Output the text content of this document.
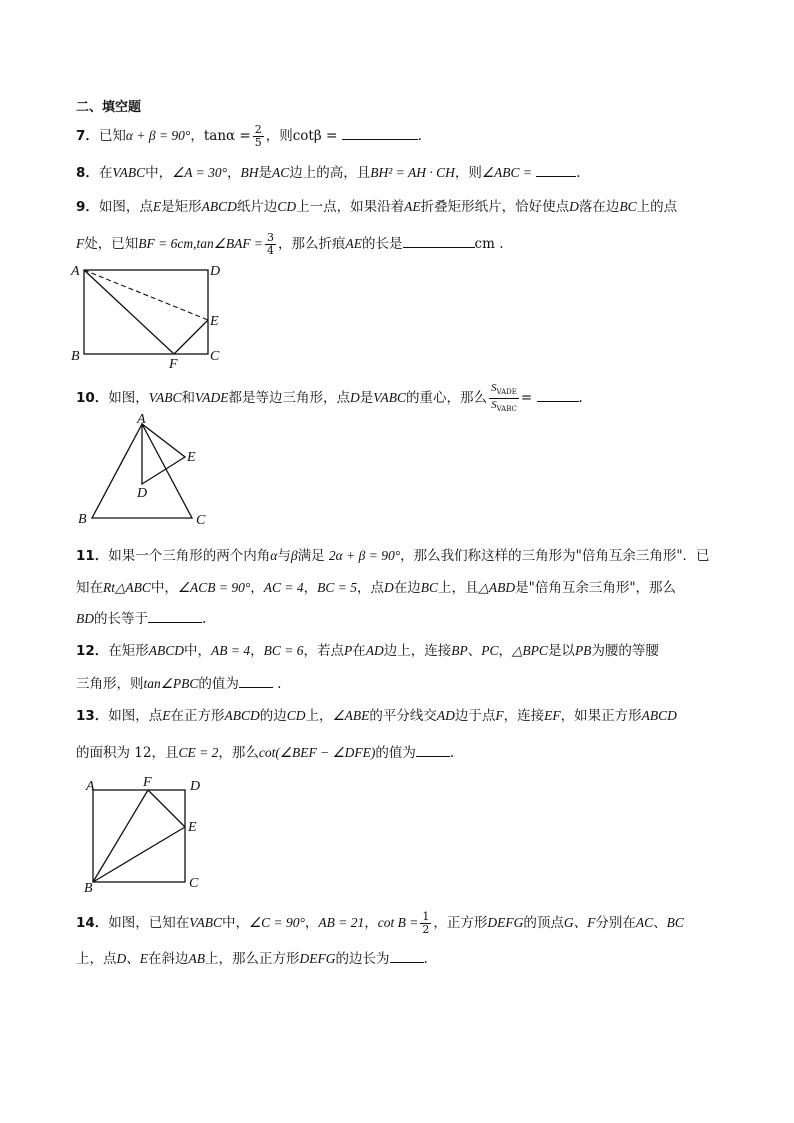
二、填空题
7．已知α + β = 90°，$\tan\alpha = \frac{2}{5}$ ，则cotβ =	.
8．在VABC中，∠A = 30°，BH是AC边上的高，且BH² = AH · CH，则∠ABC =	.
9．如图，点E是矩形ABCD纸片边CD上一点，如果沿着AE折叠矩形纸片，恰好使点D落在边BC上的点
F处，已知BF = 6cm,tan∠BAF = $\frac{3}{4}$ ，那么折痕AE的长是	cm .
A	D
E
B
F
C
10．如图，VABC和VADE都是等边三角形，点D是VABC的重心，那么 $\frac{S_{VADE}}{S_{VABC}}$ =	.
A
E
D
B	C
11．如果一个三角形的两个内角α与β满足 2α + β = 90°，那么我们称这样的三角形为"倍角互余三角形"．已
知在Rt△ABC中，∠ACB = 90°，AC = 4，BC = 5，点D在边BC上，且△ABD是"倍角互余三角形"，那么
BD的长等于	.
12．在矩形ABCD中，AB = 4，BC = 6，若点P在AD边上，连接BP、PC，△BPC是以PB为腰的等腰
三角形，则tan∠PBC的值为	.
13．如图，点E在正方形ABCD的边CD上，∠ABE的平分线交AD边于点F，连接EF，如果正方形ABCD
的面积为 12，且CE = 2，那么cot(∠BEF − ∠DFE)的值为	.
A	F	D
E
B	C
14．如图，已知在VABC中，∠C = 90°，AB = 21，$\cot B = \frac{1}{2}$ ，正方形DEFG的顶点G、F分别在AC、BC
上，点D、E在斜边AB上，那么正方形DEFG的边长为	.
